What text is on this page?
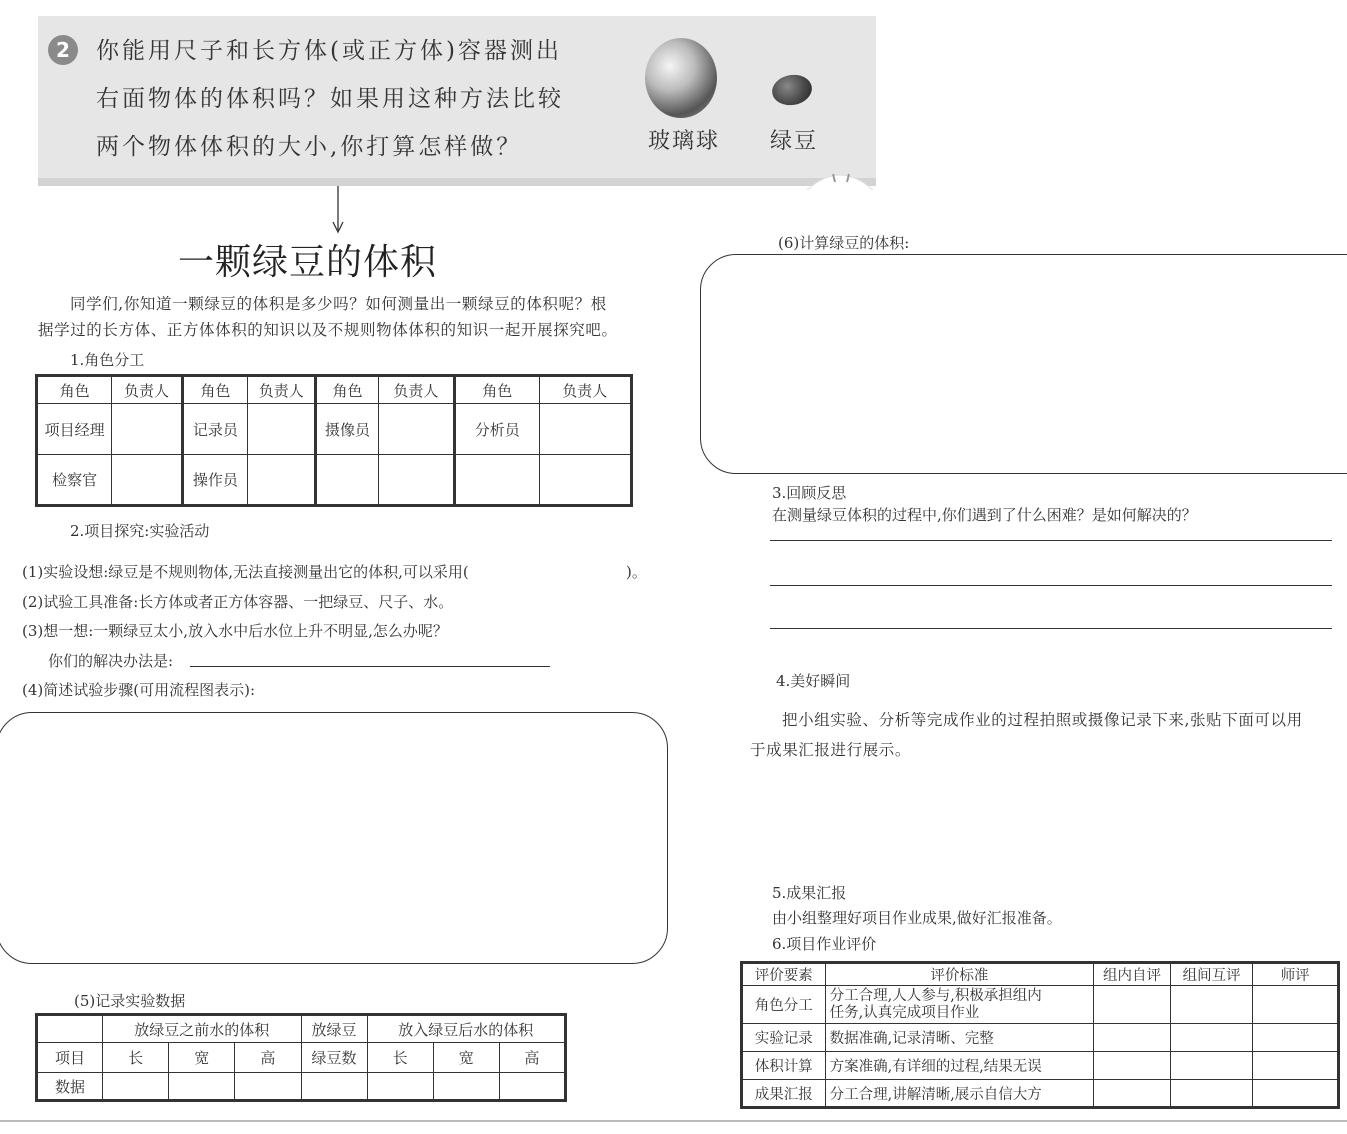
2	你能用尺子和长方体(或正方体)容器测出
右面物体的体积吗？如果用这种方法比较
两个物体体积的大小,你打算怎样做？	玻璃球 绿豆
一颗绿豆的体积
同学们,你知道一颗绿豆的体积是多少吗？如何测量出一颗绿豆的体积呢？根
据学过的长方体、正方体体积的知识以及不规则物体体积的知识一起开展探究吧。
1.角色分工
角色	负责人	角色	负责人	角色	负责人	角色	负责人
项目经理		记录员		摄像员		分析员	
检察官		操作员					
2.项目探究:实验活动
(1)实验设想:绿豆是不规则物体,无法直接测量出它的体积,可以采用(	)。
(2)试验工具准备:长方体或者正方体容器、一把绿豆、尺子、水。
(3)想一想:一颗绿豆太小,放入水中后水位上升不明显,怎么办呢？
你们的解决办法是:
(4)简述试验步骤(可用流程图表示):
(5)记录实验数据
	放绿豆之前水的体积			放绿豆	放入绿豆后水的体积		
项目	长	宽	高	绿豆数	长	宽	高
数据							
(6)计算绿豆的体积:
3.回顾反思
在测量绿豆体积的过程中,你们遇到了什么困难？是如何解决的？
4.美好瞬间
把小组实验、分析等完成作业的过程拍照或摄像记录下来,张贴下面可以用
于成果汇报进行展示。
5.成果汇报
由小组整理好项目作业成果,做好汇报准备。
6.项目作业评价
评价要素	评价标准	组内自评	组间互评	师评
角色分工	分工合理,人人参与,积极承担组内
任务,认真完成项目作业			

实验记录	数据准确,记录清晰、完整			
体积计算	方案准确,有详细的过程,结果无误			
成果汇报	分工合理,讲解清晰,展示自信大方			
